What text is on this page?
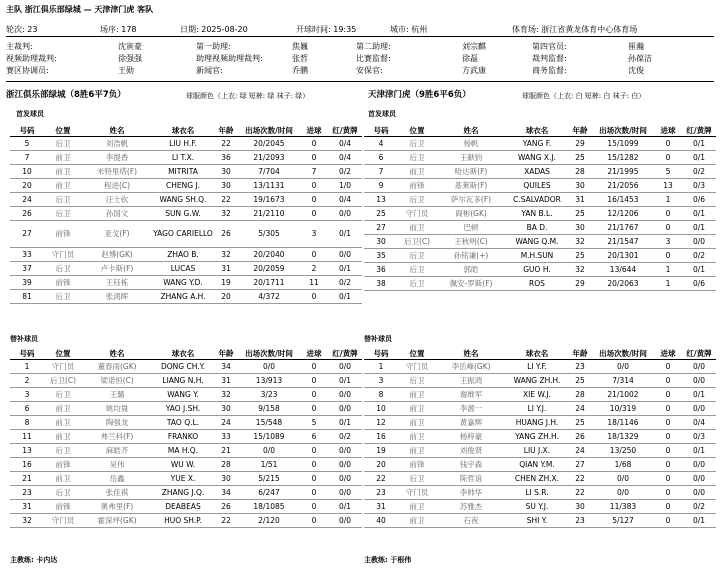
主队 浙江俱乐部绿城 — 天津津门虎 客队
轮次: 23	场序: 178	日期: 2025-08-20	开球时间: 19:35	城市: 杭州	体育场: 浙江省黄龙体育中心体育场
主裁判:	沈寅豪	第一助理:	焦巍	第二助理:	刘宗麒	第四官员:	崔瀚
视频助理裁判:	徐强强	助理视频助理裁判:	张哲	比赛监督:	徐磊	裁判监督:	孙葆洁
赛区协调员:	王勋	新闻官:	乔鹏	安保官:	方武康	商务监督:	沈俊
浙江俱乐部绿城（8胜6平7负）	球服颜色（上衣: 绿 短裤: 绿 袜子: 绿）	天津津门虎（9胜6平6负）	球服颜色（上衣: 白 短裤: 白 袜子: 白）
首发球员	首发球员
号码	位置	姓名	球衣名	年龄	出场次数/时间	进球	红/黄牌
5	后卫	刘浩帆	LIU H.F.	22	20/2045	0	0/4
7	前卫	李提香	LI T.X.	36	21/2093	0	0/4
10	前卫	米特里塔(F)	MITRITA	30	7/704	7	0/2
20	前卫	程进(C)	CHENG J.	30	13/1131	0	1/0
24	后卫	汪士钦	WANG SH.Q.	22	19/1673	0	0/4
26	后卫	孙国文	SUN G.W.	32	21/2110	0	0/0
27	前锋	亚戈(F)	YAGO CARIELLO	26	5/305	3	0/1
33	守门员	赵博(GK)	ZHAO B.	32	20/2040	0	0/0
37	后卫	卢卡斯(F)	LUCAS	31	20/2059	2	0/1
39	前锋	王钰栋	WANG Y.D.	19	20/1711	11	0/2
81	后卫	张鸿晖	ZHANG A.H.	20	4/372	0	0/1
号码	位置	姓名	球衣名	年龄	出场次数/时间	进球	红/黄牌
4	后卫	杨帆	YANG F.	29	15/1099	0	0/1
6	后卫	王献钧	WANG X.J.	25	15/1282	0	0/1
7	前卫	哈达斯(F)	XADAS	28	21/1995	5	0/2
9	前锋	基莱斯(F)	QUILES	30	21/2056	13	0/3
13	后卫	萨尔瓦多(F)	C.SALVADOR	31	16/1453	1	0/6
25	守门员	阎彬(GK)	YAN B.L.	25	12/1206	0	0/1
27	前卫	巴顿	BA D.	30	21/1767	0	0/1
30	后卫(C)	王秋明(C)	WANG Q.M.	32	21/1547	3	0/0
35	后卫	孙铭谦(+)	M.H.SUN	25	20/1301	0	0/2
36	后卫	郭皓	GUO H.	32	13/644	1	0/1
38	后卫	佩安-罗斯(F)	ROS	29	20/2063	1	0/6
替补球员	替补球员
号码	位置	姓名	球衣名	年龄	出场次数/时间	进球	红/黄牌
1	守门员	董春雨(GK)	DONG CH.Y.	34	0/0	0	0/0
2	后卫(C)	梁诺恒(C)	LIANG N.H.	31	13/913	0	0/1
3	后卫	王璐	WANG Y.	32	3/23	0	0/0
6	前卫	姚均晟	YAO J.SH.	30	9/158	0	0/0
8	前卫	陶强龙	TAO Q.L.	24	15/548	5	0/1
11	前卫	弗兰科(F)	FRANKO	33	15/1089	6	0/2
13	后卫	麻皓齐	MA H.Q.	21	0/0	0	0/0
16	前锋	吴伟	WU W.	28	1/51	0	0/0
21	前卫	岳鑫	YUE X.	30	5/215	0	0/0
23	后卫	张佳祺	ZHANG J.Q.	34	6/247	0	0/0
31	前锋	奥弗里(F)	DEABEAS	26	18/1085	0	0/1
32	守门员	霍深坪(GK)	HUO SH.P.	22	2/120	0	0/0
号码	位置	姓名	球衣名	年龄	出场次数/时间	进球	红/黄牌
1	守门员	李岳峰(GK)	LI Y.F.	23	0/0	0	0/0
3	后卫	王振鸿	WANG ZH.H.	25	7/314	0	0/0
8	前卫	谢维军	XIE W.J.	28	21/1002	0	0/1
10	前卫	李源一	LI Y.J.	24	10/319	0	0/0
12	前卫	黄嘉辉	HUANG J.H.	25	18/1146	0	0/4
16	前卫	杨梓豪	YANG ZH.H.	26	18/1329	0	0/3
19	前卫	刘俊贤	LIU J.X.	24	13/250	0	0/1
20	前锋	钱宇森	QIAN Y.M.	27	1/68	0	0/0
22	后卫	陈哲谊	CHEN ZH.X.	22	0/0	0	0/0
23	守门员	李帅华	LI S.R.	22	0/0	0	0/0
31	前卫	苏雅杰	SU Y.J.	30	11/383	0	0/2
40	前卫	石夜	SHI Y.	23	5/127	0	0/1
主教练: 卡内达	主教练: 于根伟
